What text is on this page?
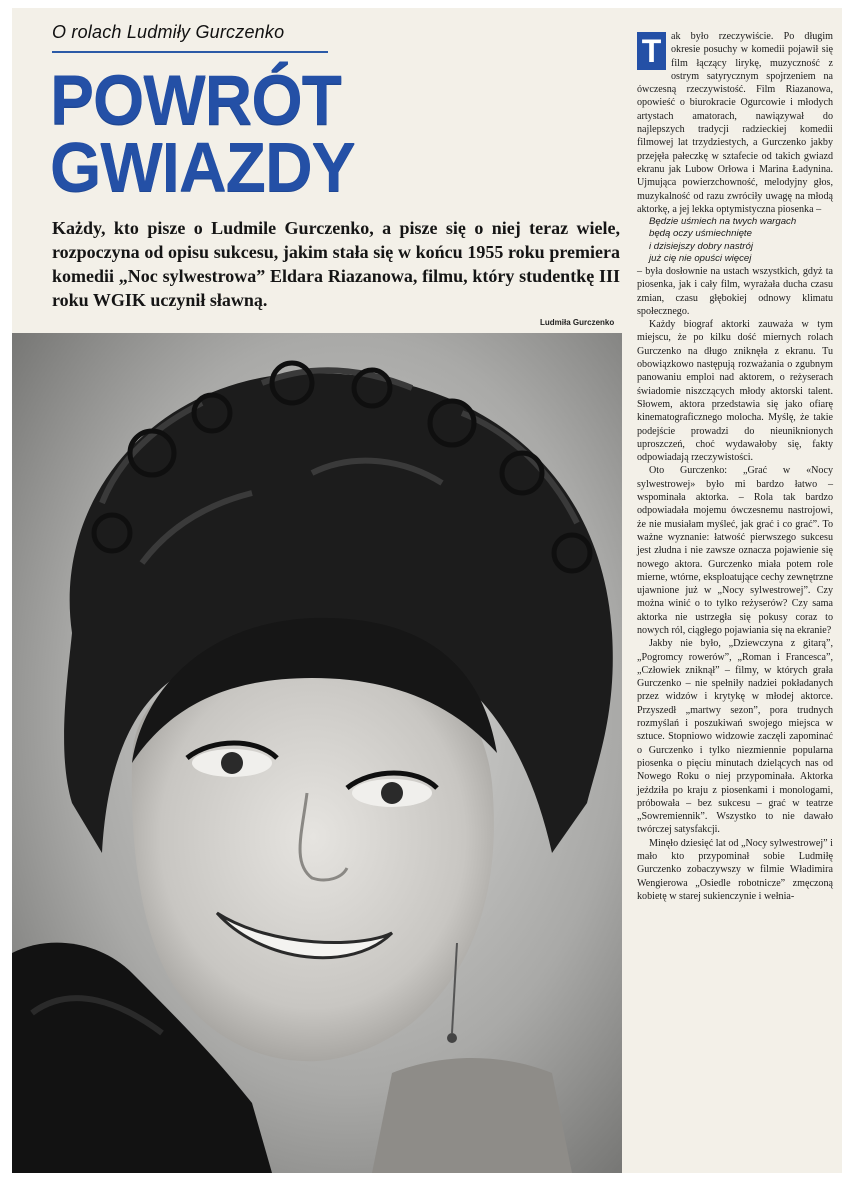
O rolach Ludmiły Gurczenko
POWRÓT
GWIAZDY
Każdy, kto pisze o Ludmile Gurczenko, a pisze się o niej teraz wiele, rozpoczyna od opisu sukcesu, jakim stała się w końcu 1955 roku premiera komedii „Noc sylwestrowa” Eldara Riazanowa, filmu, który studentkę III roku WGIK uczynił sławną.
Ludmiła Gurczenko

T ak było rzeczywiście. Po długim okresie posuchy w komedii pojawił się film łączący lirykę, muzyczność z ostrym satyrycznym spojrzeniem na ówczesną rzeczywistość. Film Riazanowa, opowieść o biurokracie Ogurcowie i młodych artystach amatorach, nawiązywał do najlepszych tradycji radzieckiej komedii filmowej lat trzydziestych, a Gurczenko jakby przejęła pałeczkę w sztafecie od takich gwiazd ekranu jak Lubow Orłowa i Marina Ładynina. Ujmująca powierzchowność, melodyjny głos, muzykalność od razu zwróciły uwagę na młodą aktorkę, a jej lekka optymistyczna piosenka –

Będzie uśmiech na twych wargach
będą oczy uśmiechnięte
i dzisiejszy dobry nastrój
już cię nie opuści więcej

– była dosłownie na ustach wszystkich, gdyż ta piosenka, jak i cały film, wyrażała ducha czasu zmian, czasu głębokiej odnowy klimatu społecznego.

Każdy biograf aktorki zauważa w tym miejscu, że po kilku dość miernych rolach Gurczenko na długo zniknęła z ekranu. Tu obowiązkowo następują rozważania o zgubnym panowaniu emploi nad aktorem, o reżyserach świadomie niszczących młody aktorski talent. Słowem, aktora przedstawia się jako ofiarę kinematograficznego molocha. Myślę, że takie podejście prowadzi do nieuniknionych uproszczeń, choć wydawałoby się, fakty odpowiadają rzeczywistości.

Oto Gurczenko: „Grać w «Nocy sylwestrowej» było mi bardzo łatwo – wspominała aktorka. – Rola tak bardzo odpowiadała mojemu ówczesnemu nastrojowi, że nie musiałam myśleć, jak grać i co grać”. To ważne wyznanie: łatwość pierwszego sukcesu jest złudna i nie zawsze oznacza pojawienie się nowego aktora. Gurczenko miała potem role mierne, wtórne, eksploatujące cechy zewnętrzne ujawnione już w „Nocy sylwestrowej”. Czy można winić o to tylko reżyserów? Czy sama aktorka nie ustrzegła się pokusy coraz to nowych ról, ciągłego pojawiania się na ekranie?

Jakby nie było, „Dziewczyna z gitarą”, „Pogromcy rowerów”, „Roman i Francesca”, „Człowiek zniknął” – filmy, w których grała Gurczenko – nie spełniły nadziei pokładanych przez widzów i krytykę w młodej aktorce. Przyszedł „martwy sezon”, pora trudnych rozmyślań i poszukiwań swojego miejsca w sztuce. Stopniowo widzowie zaczęli zapominać o Gurczenko i tylko niezmiennie popularna piosenka o pięciu minutach dzielących nas od Nowego Roku o niej przypominała. Aktorka jeździła po kraju z piosenkami i monologami, próbowała – bez sukcesu – grać w teatrze „Sowremiennik”. Wszystko to nie dawało twórczej satysfakcji.

Minęło dziesięć lat od „Nocy sylwestrowej” i mało kto przypominał sobie Ludmiłę Gurczenko zobaczywszy w filmie Władimira Wengierowa „Osiedle robotnicze” zmęczoną kobietę w starej sukienczynie i wełnia-
